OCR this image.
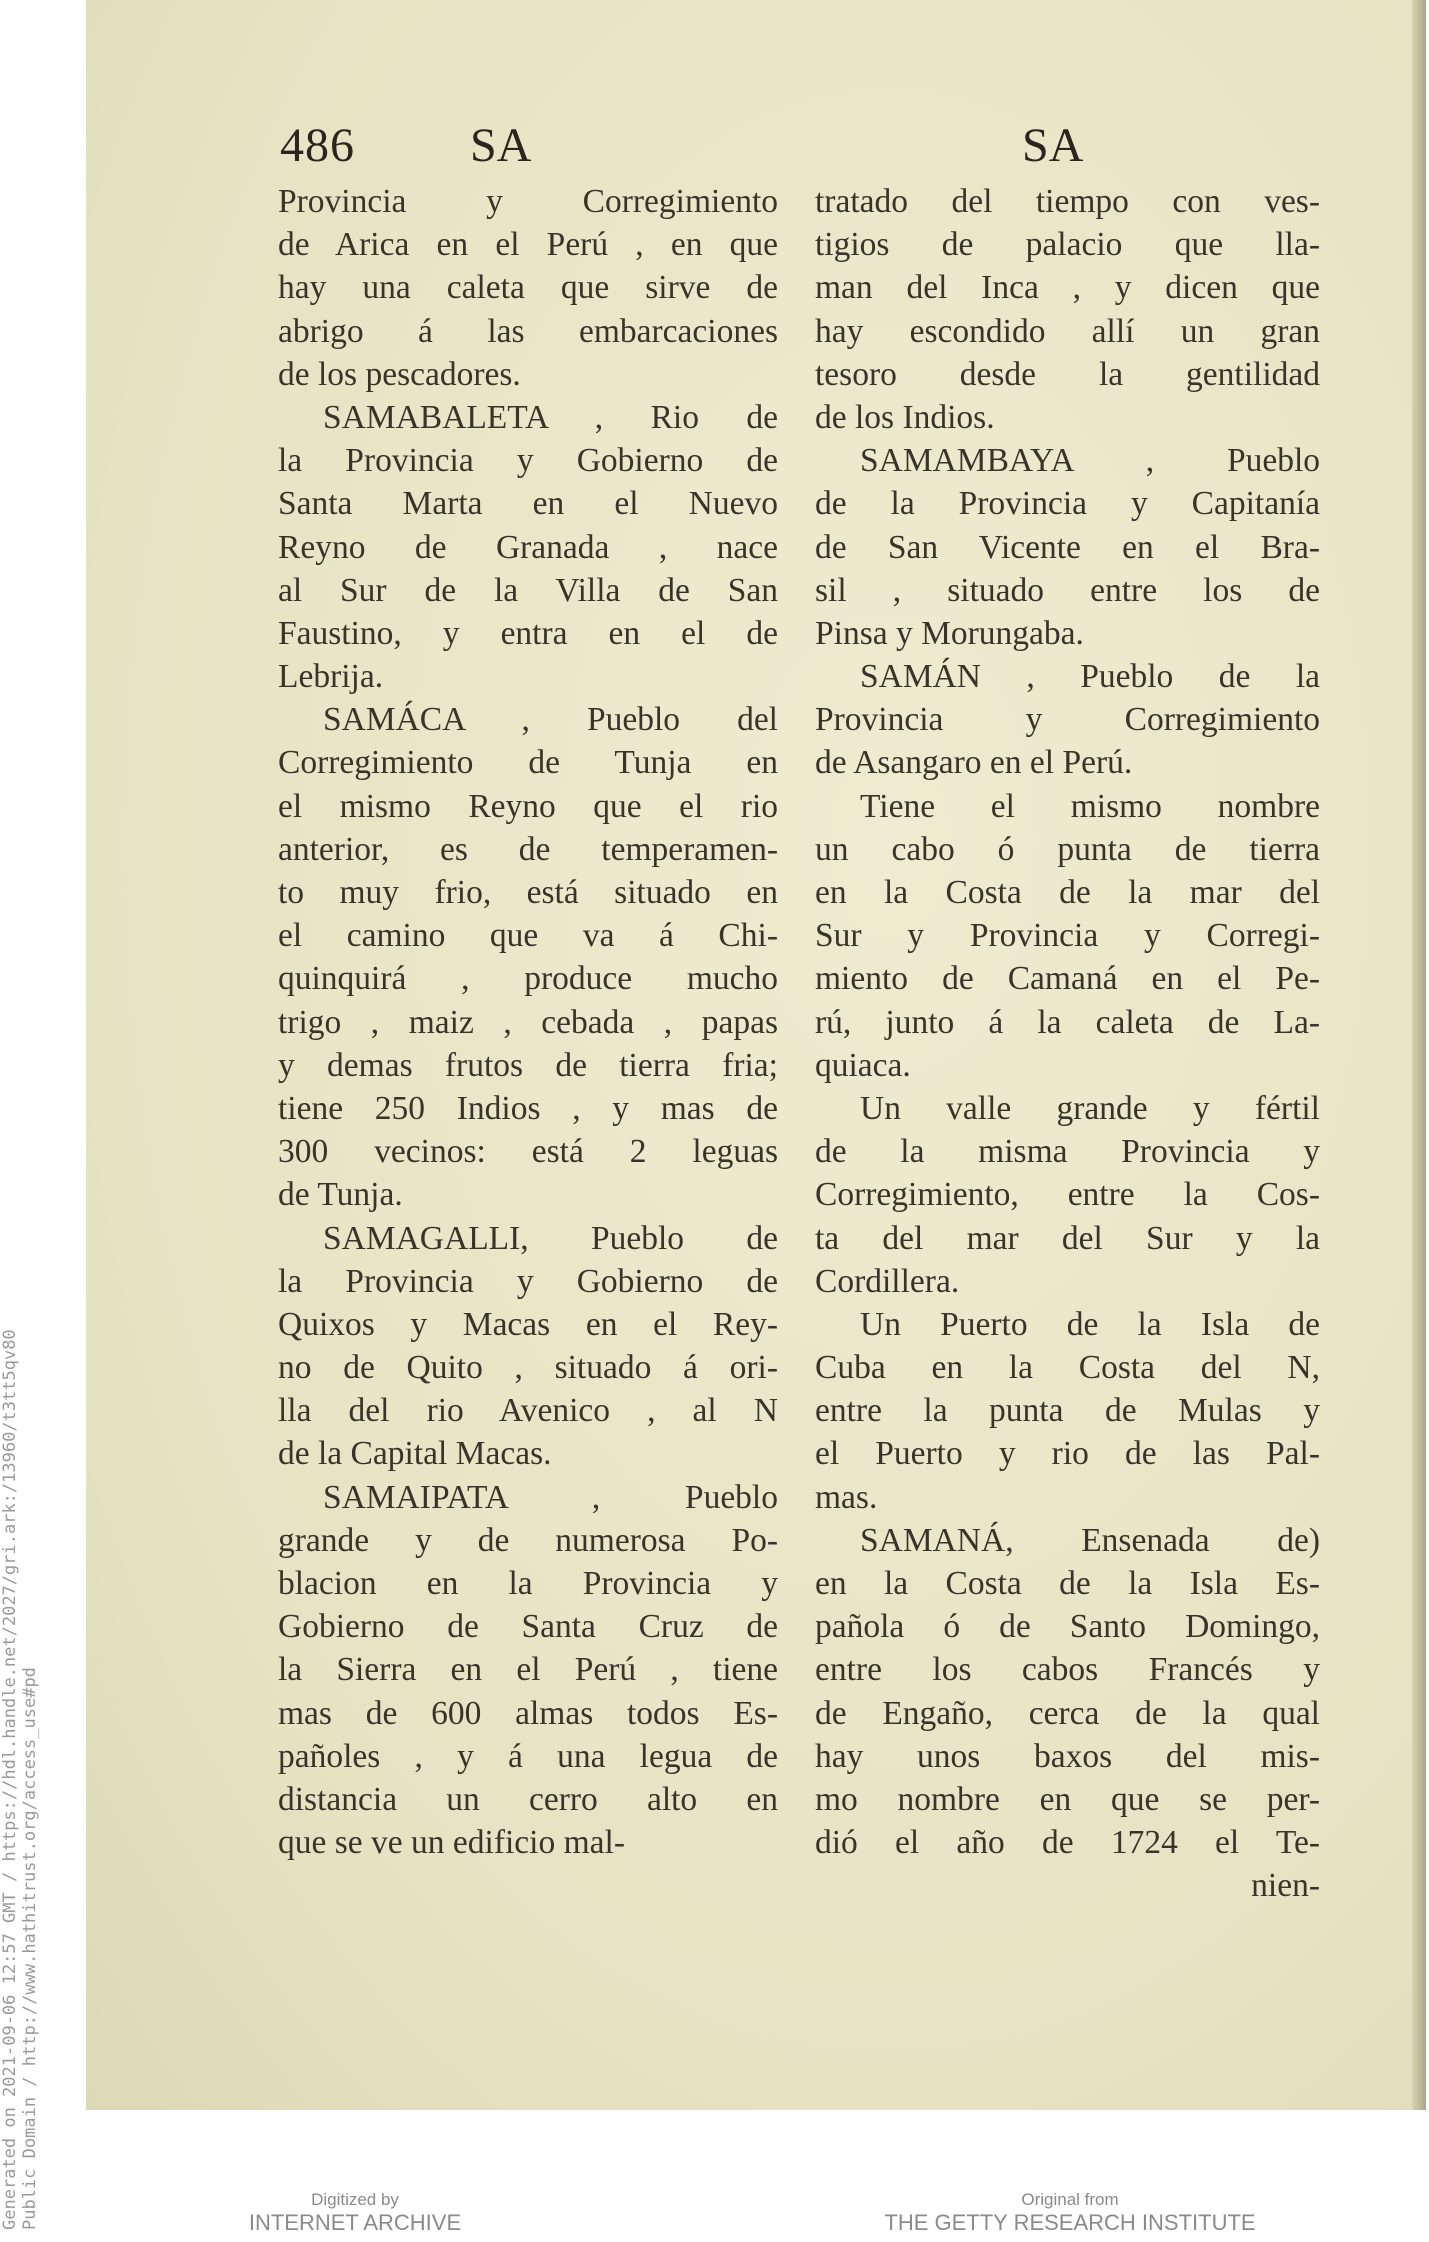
Generated on 2021-09-06 12:57 GMT / https://hdl.handle.net/2027/gri.ark:/13960/t3tt5qv80 Public Domain / http://www.hathitrust.org/access_use#pd
486 SA	SA
Provincia y Corregimiento
de Arica en el Perú , en que
hay una caleta que sirve de
abrigo á las embarcaciones
de los pescadores.
SAMABALETA , Rio de
la Provincia y Gobierno de
Santa Marta en el Nuevo
Reyno de Granada , nace
al Sur de la Villa de San
Faustino, y entra en el de
Lebrija.
SAMÁCA , Pueblo del
Corregimiento de Tunja en
el mismo Reyno que el rio
anterior, es de temperamen-
to muy frio, está situado en
el camino que va á Chi-
quinquirá , produce mucho
trigo , maiz , cebada , papas
y demas frutos de tierra fria;
tiene 250 Indios , y mas de
300 vecinos: está 2 leguas
de Tunja.
SAMAGALLI, Pueblo de
la Provincia y Gobierno de
Quixos y Macas en el Rey-
no de Quito , situado á ori-
lla del rio Avenico , al N
de la Capital Macas.
SAMAIPATA , Pueblo
grande y de numerosa Po-
blacion en la Provincia y
Gobierno de Santa Cruz de
la Sierra en el Perú , tiene
mas de 600 almas todos Es-
pañoles , y á una legua de
distancia un cerro alto en
que se ve un edificio mal-
tratado del tiempo con ves-
tigios de palacio que lla-
man del Inca , y dicen que
hay escondido allí un gran
tesoro desde la gentilidad
de los Indios.
SAMAMBAYA , Pueblo
de la Provincia y Capitanía
de San Vicente en el Bra-
sil , situado entre los de
Pinsa y Morungaba.
SAMÁN , Pueblo de la
Provincia y Corregimiento
de Asangaro en el Perú.
Tiene el mismo nombre
un cabo ó punta de tierra
en la Costa de la mar del
Sur y Provincia y Corregi-
miento de Camaná en el Pe-
rú, junto á la caleta de La-
quiaca.
Un valle grande y fértil
de la misma Provincia y
Corregimiento, entre la Cos-
ta del mar del Sur y la
Cordillera.
Un Puerto de la Isla de
Cuba en la Costa del N,
entre la punta de Mulas y
el Puerto y rio de las Pal-
mas.
SAMANÁ, Ensenada de)
en la Costa de la Isla Es-
pañola ó de Santo Domingo,
entre los cabos Francés y
de Engaño, cerca de la qual
hay unos baxos del mis-
mo nombre en que se per-
dió el año de 1724 el Te-
nien-
Digitized by
INTERNET ARCHIVE
Original from
THE GETTY RESEARCH INSTITUTE
